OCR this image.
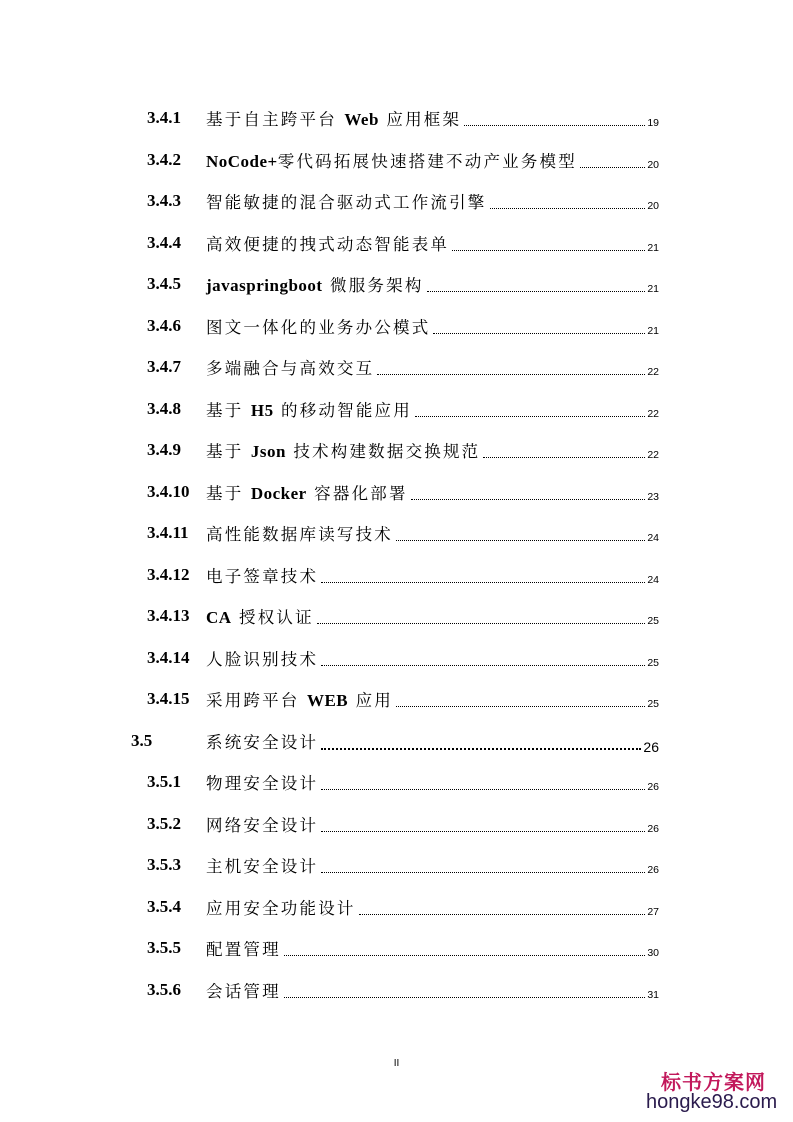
3.4.1 基于自主跨平台 Web 应用框架	19
3.4.2 NoCode+零代码拓展快速搭建不动产业务模型	20
3.4.3 智能敏捷的混合驱动式工作流引擎	20
3.4.4 高效便捷的拽式动态智能表单	21
3.4.5 javaspringboot 微服务架构	21
3.4.6 图文一体化的业务办公模式	21
3.4.7 多端融合与高效交互	22
3.4.8 基于 H5 的移动智能应用	22
3.4.9 基于 Json 技术构建数据交换规范	22
3.4.10 基于 Docker 容器化部署	23
3.4.11 高性能数据库读写技术	24
3.4.12 电子签章技术	24
3.4.13 CA 授权认证	25
3.4.14 人脸识别技术	25
3.4.15 采用跨平台 WEB 应用	25
3.5	系统安全设计	26
3.5.1 物理安全设计	26
3.5.2 网络安全设计	26
3.5.3 主机安全设计	26
3.5.4 应用安全功能设计	27
3.5.5 配置管理	30
3.5.6 会话管理	31
II
标书方案网
hongke98.com
